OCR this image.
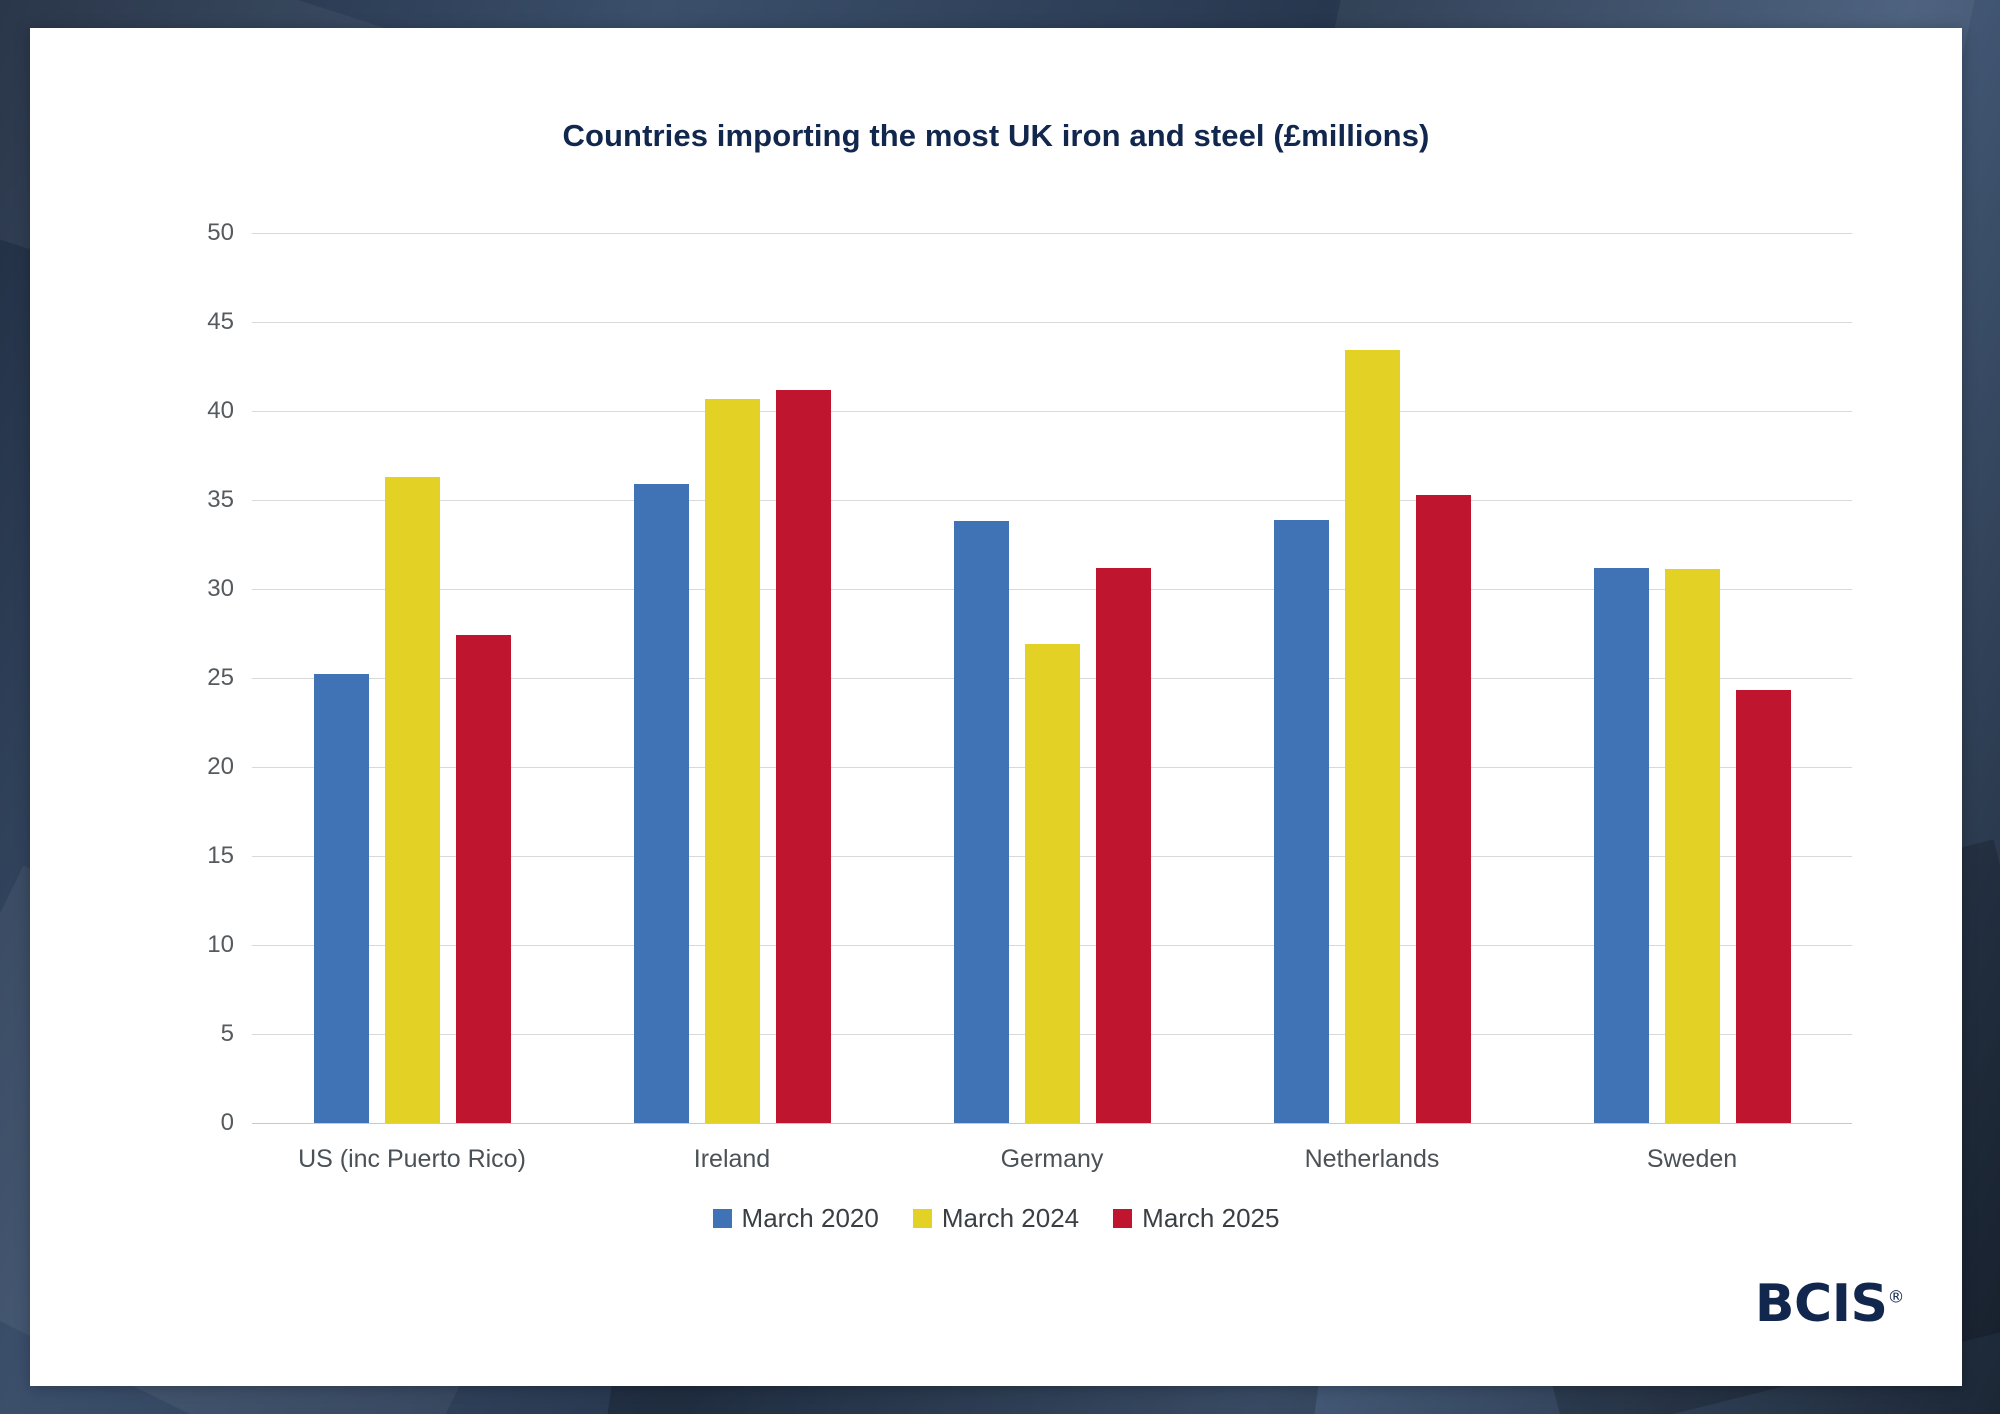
Countries importing the most UK iron and steel (£millions)
0
5
10
15
20
25
30
35
40
45
50
US (inc Puerto Rico)	Ireland	Germany	Netherlands	Sweden
March 2020 March 2024 March 2025
BCIS®
